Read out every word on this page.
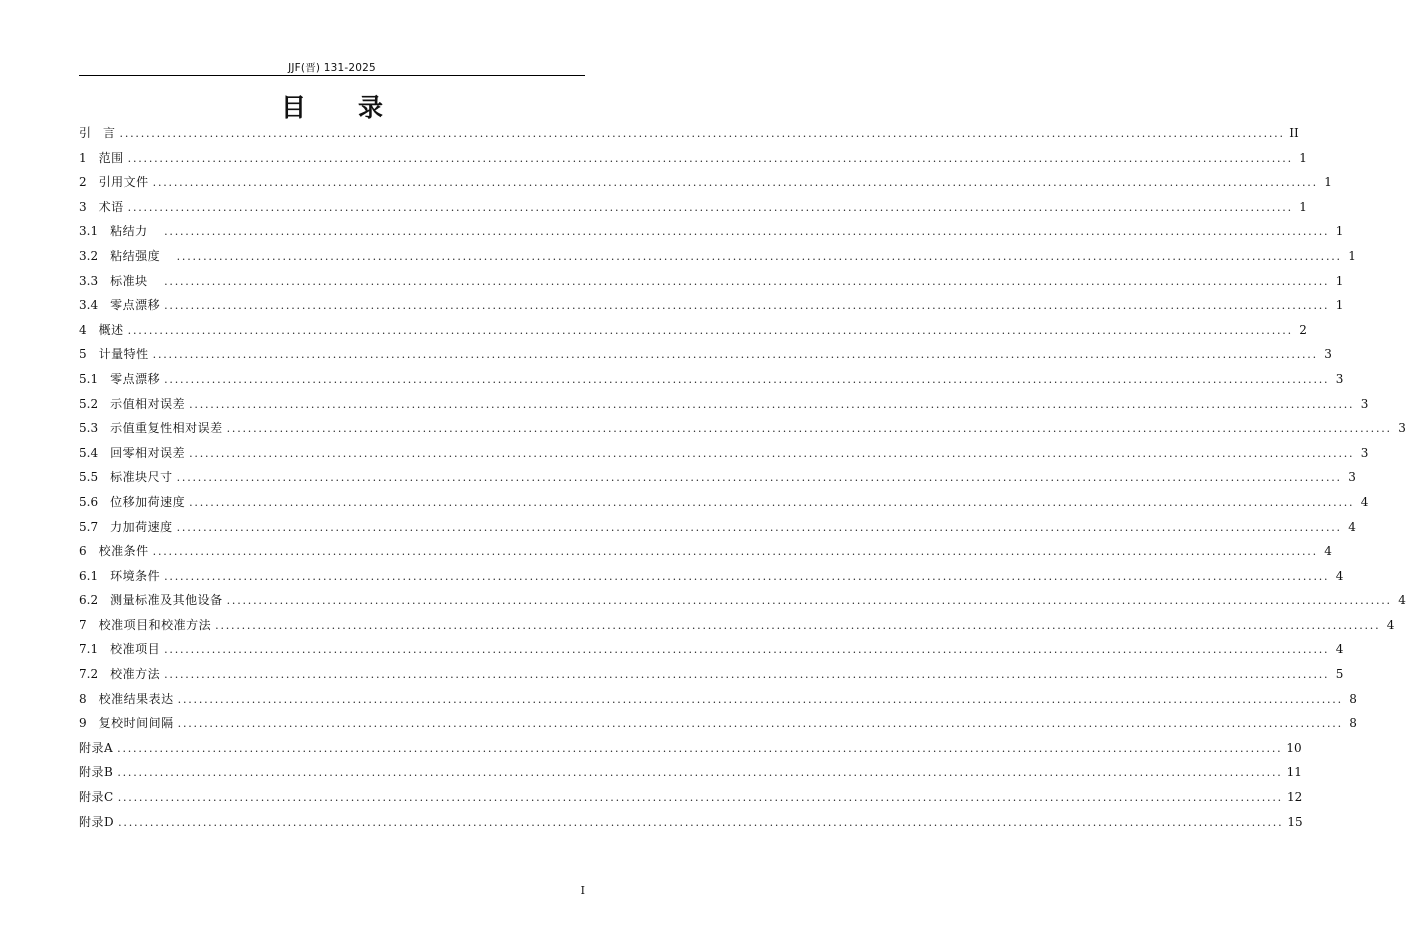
JJF(晋) 131-2025
目 录
引　 言 ............................................................................................................................................................................................................................ II
1　 范围 ............................................................................................................................................................................................................................ 1
2　 引用文件 ............................................................................................................................................................................................................................ 1
3　 术语 ............................................................................................................................................................................................................................ 1
3.1　 粘结力　 ............................................................................................................................................................................................................................ 1
3.2　 粘结强度　 ............................................................................................................................................................................................................................ 1
3.3　 标准块　 ............................................................................................................................................................................................................................ 1
3.4　 零点漂移 ............................................................................................................................................................................................................................ 1
4　 概述 ............................................................................................................................................................................................................................ 2
5　 计量特性 ............................................................................................................................................................................................................................ 3
5.1　 零点漂移 ............................................................................................................................................................................................................................ 3
5.2　 示值相对误差 ............................................................................................................................................................................................................................ 3
5.3　 示值重复性相对误差 ............................................................................................................................................................................................................................ 3
5.4　 回零相对误差 ............................................................................................................................................................................................................................ 3
5.5　 标准块尺寸 ............................................................................................................................................................................................................................ 3
5.6　 位移加荷速度 ............................................................................................................................................................................................................................ 4
5.7　 力加荷速度 ............................................................................................................................................................................................................................ 4
6　 校准条件 ............................................................................................................................................................................................................................ 4
6.1　 环境条件 ............................................................................................................................................................................................................................ 4
6.2　 测量标准及其他设备 ............................................................................................................................................................................................................................ 4
7　 校准项目和校准方法 ............................................................................................................................................................................................................................ 4
7.1　 校准项目 ............................................................................................................................................................................................................................ 4
7.2　 校准方法 ............................................................................................................................................................................................................................ 5
8　 校准结果表达 ............................................................................................................................................................................................................................ 8
9　 复校时间间隔 ............................................................................................................................................................................................................................ 8
附录A ............................................................................................................................................................................................................................ 10
附录B ............................................................................................................................................................................................................................ 11
附录C ............................................................................................................................................................................................................................ 12
附录D ............................................................................................................................................................................................................................ 15
I
